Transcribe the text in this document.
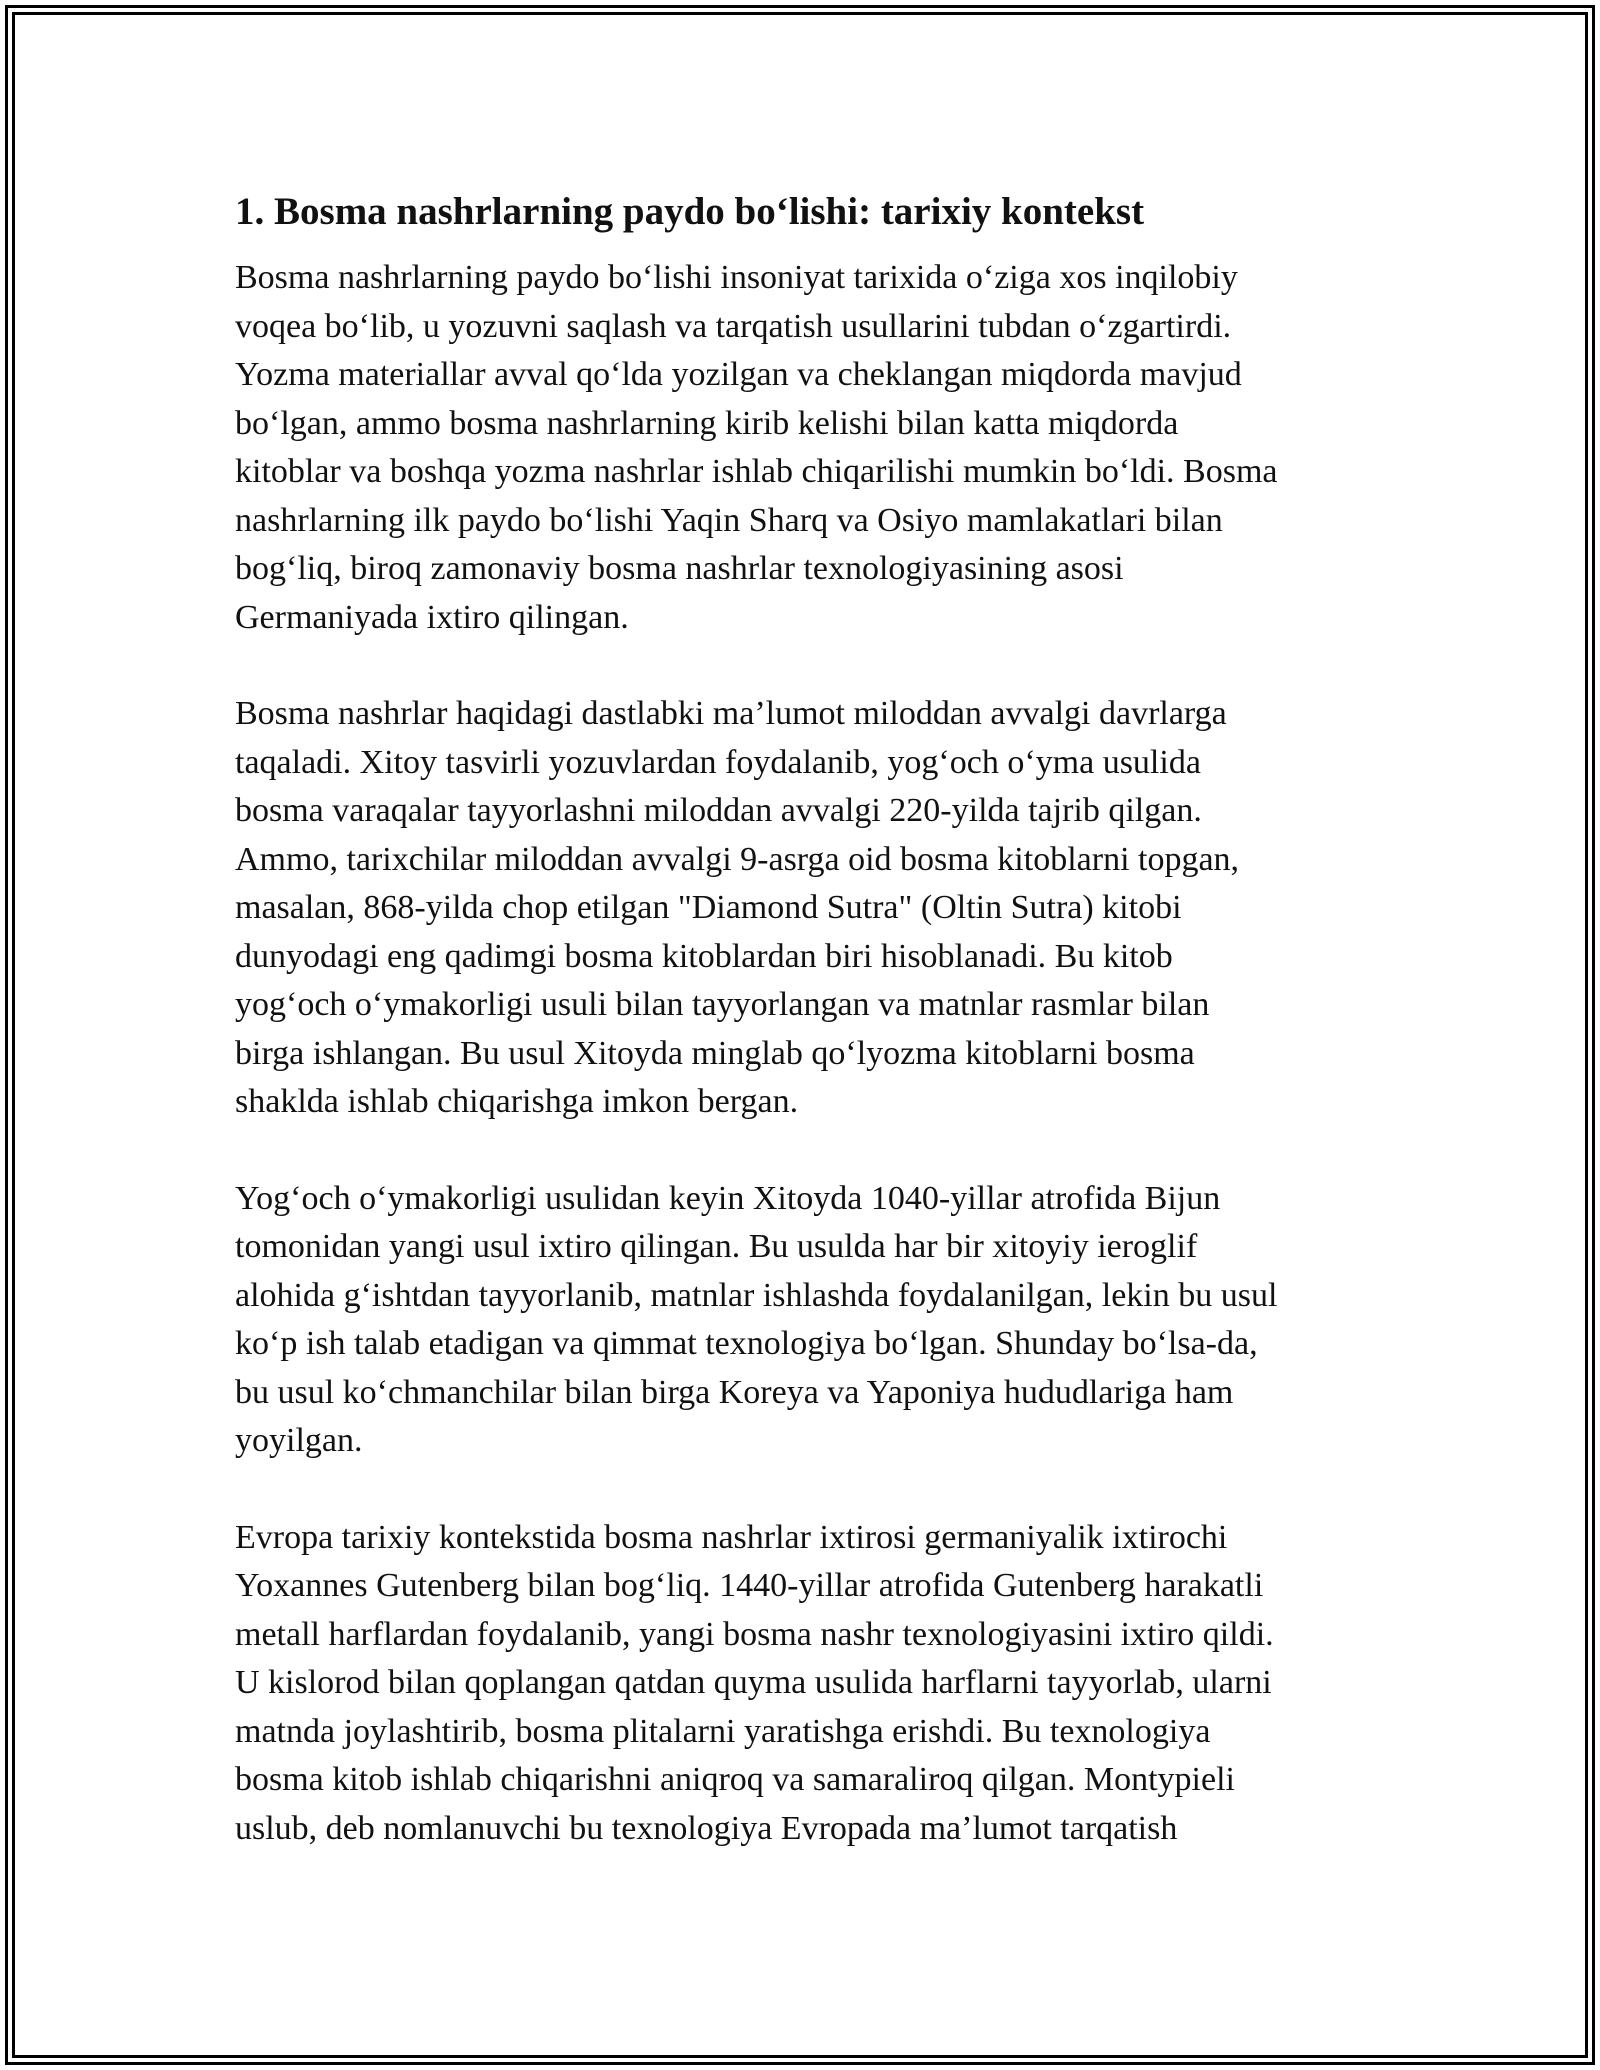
1. Bosma nashrlarning paydo bo‘lishi: tarixiy kontekst
Bosma nashrlarning paydo bo‘lishi insoniyat tarixida o‘ziga xos inqilobiy
voqea bo‘lib, u yozuvni saqlash va tarqatish usullarini tubdan o‘zgartirdi.
Yozma materiallar avval qo‘lda yozilgan va cheklangan miqdorda mavjud
bo‘lgan, ammo bosma nashrlarning kirib kelishi bilan katta miqdorda
kitoblar va boshqa yozma nashrlar ishlab chiqarilishi mumkin bo‘ldi. Bosma
nashrlarning ilk paydo bo‘lishi Yaqin Sharq va Osiyo mamlakatlari bilan
bog‘liq, biroq zamonaviy bosma nashrlar texnologiyasining asosi
Germaniyada ixtiro qilingan.
Bosma nashrlar haqidagi dastlabki ma’lumot miloddan avvalgi davrlarga
taqaladi. Xitoy tasvirli yozuvlardan foydalanib, yog‘och o‘yma usulida
bosma varaqalar tayyorlashni miloddan avvalgi 220-yilda tajrib qilgan.
Ammo, tarixchilar miloddan avvalgi 9-asrga oid bosma kitoblarni topgan,
masalan, 868-yilda chop etilgan "Diamond Sutra" (Oltin Sutra) kitobi
dunyodagi eng qadimgi bosma kitoblardan biri hisoblanadi. Bu kitob
yog‘och o‘ymakorligi usuli bilan tayyorlangan va matnlar rasmlar bilan
birga ishlangan. Bu usul Xitoyda minglab qo‘lyozma kitoblarni bosma
shaklda ishlab chiqarishga imkon bergan.
Yog‘och o‘ymakorligi usulidan keyin Xitoyda 1040-yillar atrofida Bijun
tomonidan yangi usul ixtiro qilingan. Bu usulda har bir xitoyiy ieroglif
alohida g‘ishtdan tayyorlanib, matnlar ishlashda foydalanilgan, lekin bu usul
ko‘p ish talab etadigan va qimmat texnologiya bo‘lgan. Shunday bo‘lsa-da,
bu usul ko‘chmanchilar bilan birga Koreya va Yaponiya hududlariga ham
yoyilgan.
Evropa tarixiy kontekstida bosma nashrlar ixtirosi germaniyalik ixtirochi
Yoxannes Gutenberg bilan bog‘liq. 1440-yillar atrofida Gutenberg harakatli
metall harflardan foydalanib, yangi bosma nashr texnologiyasini ixtiro qildi.
U kislorod bilan qoplangan qatdan quyma usulida harflarni tayyorlab, ularni
matnda joylashtirib, bosma plitalarni yaratishga erishdi. Bu texnologiya
bosma kitob ishlab chiqarishni aniqroq va samaraliroq qilgan. Montypieli
uslub, deb nomlanuvchi bu texnologiya Evropada ma’lumot tarqatish
